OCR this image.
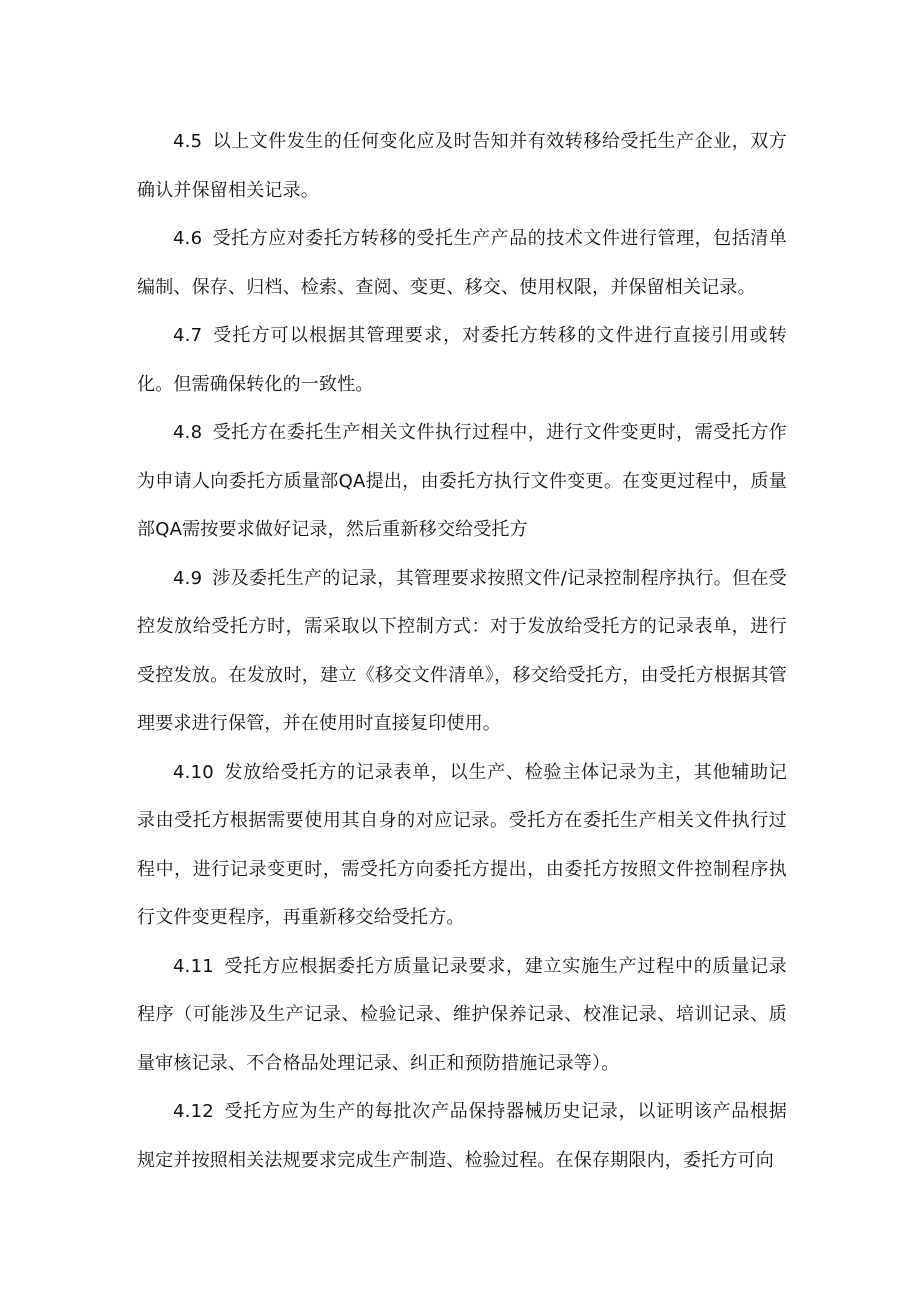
4.5 以上文件发生的任何变化应及时告知并有效转移给受托生产企业，双方确认并保留相关记录。

4.6 受托方应对委托方转移的受托生产产品的技术文件进行管理，包括清单编制、保存、归档、检索、查阅、变更、移交、使用权限，并保留相关记录。

4.7 受托方可以根据其管理要求，对委托方转移的文件进行直接引用或转化。但需确保转化的一致性。

4.8 受托方在委托生产相关文件执行过程中，进行文件变更时，需受托方作为申请人向委托方质量部QA提出，由委托方执行文件变更。在变更过程中，质量部QA需按要求做好记录，然后重新移交给受托方

4.9 涉及委托生产的记录，其管理要求按照文件/记录控制程序执行。但在受控发放给受托方时，需采取以下控制方式：对于发放给受托方的记录表单，进行受控发放。在发放时，建立《移交文件清单》，移交给受托方，由受托方根据其管理要求进行保管，并在使用时直接复印使用。

4.10 发放给受托方的记录表单，以生产、检验主体记录为主，其他辅助记录由受托方根据需要使用其自身的对应记录。受托方在委托生产相关文件执行过程中，进行记录变更时，需受托方向委托方提出，由委托方按照文件控制程序执行文件变更程序，再重新移交给受托方。

4.11 受托方应根据委托方质量记录要求，建立实施生产过程中的质量记录程序（可能涉及生产记录、检验记录、维护保养记录、校准记录、培训记录、质量审核记录、不合格品处理记录、纠正和预防措施记录等）。

4.12 受托方应为生产的每批次产品保持器械历史记录，以证明该产品根据规定并按照相关法规要求完成生产制造、检验过程。在保存期限内，委托方可向
